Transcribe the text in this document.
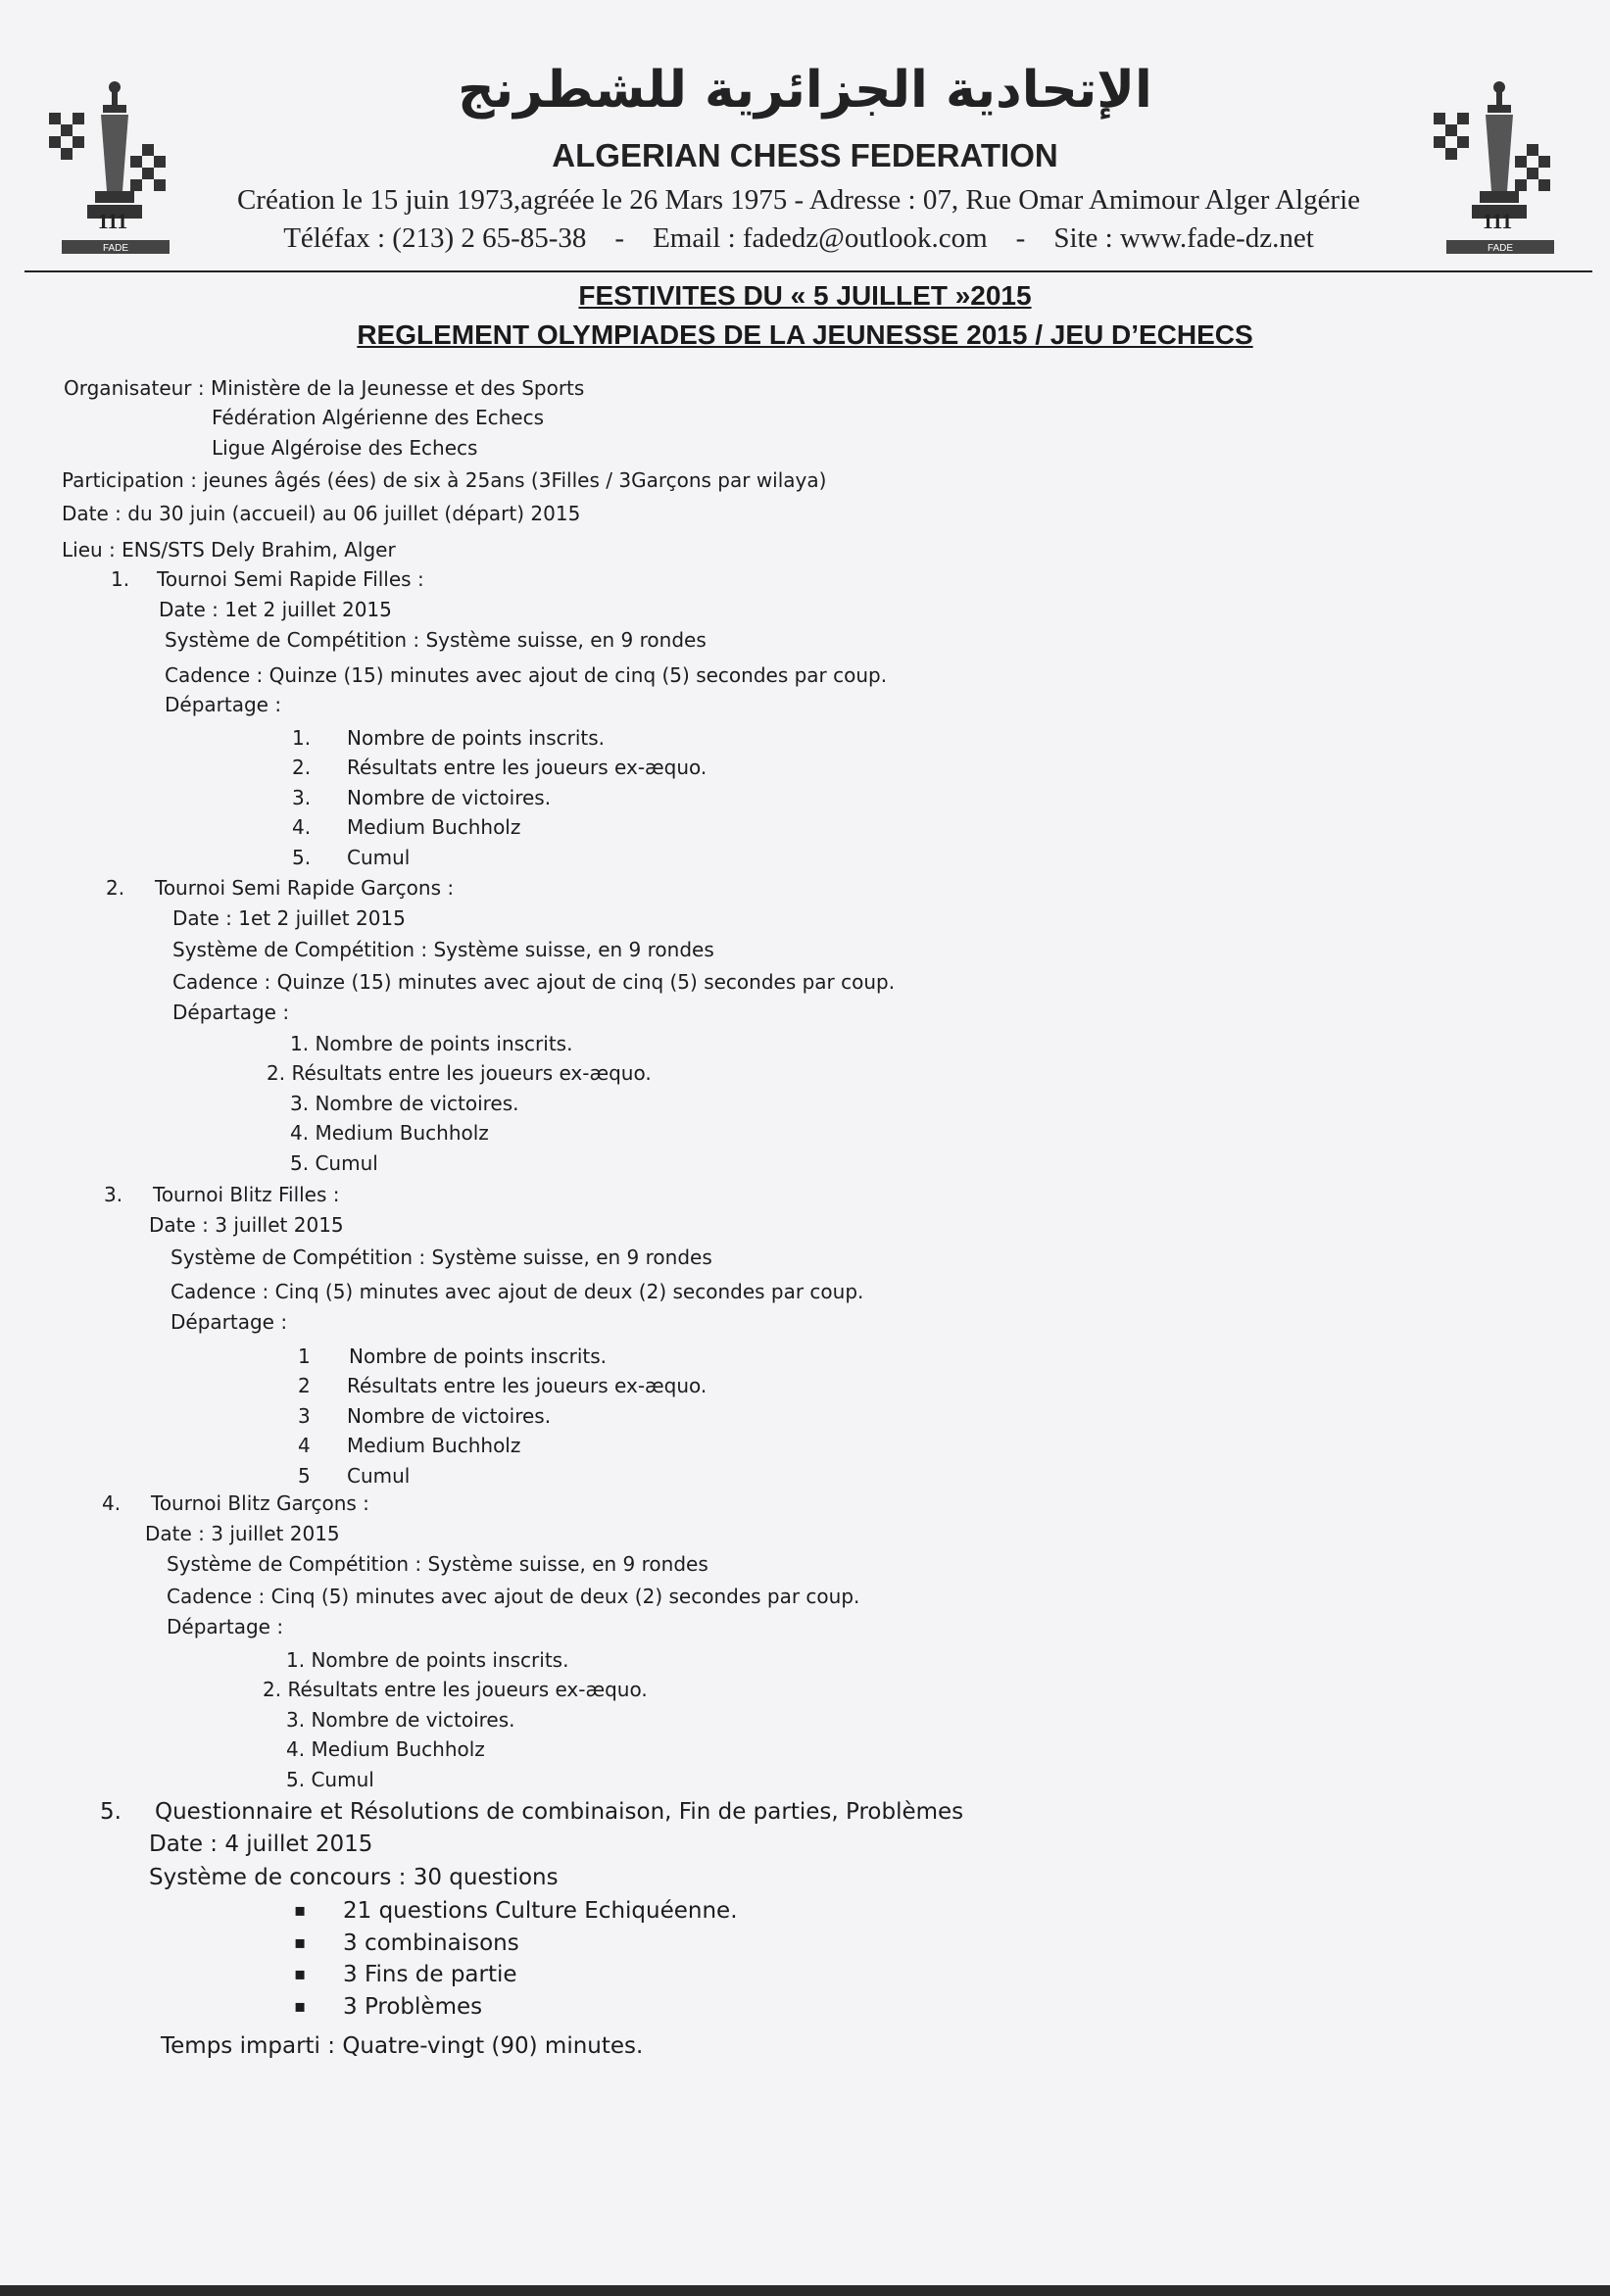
111
FADE
111
FADE
الإتحادية الجزائرية للشطرنج
ALGERIAN CHESS FEDERATION
Création le 15 juin 1973,agréée le 26 Mars 1975 - Adresse : 07, Rue Omar Amimour Alger Algérie
Téléfax : (213) 2 65-85-38    -    Email : fadedz@outlook.com    -    Site : www.fade-dz.net
FESTIVITES DU « 5 JUILLET »2015
REGLEMENT OLYMPIADES DE LA JEUNESSE 2015 / JEU D’ECHECS
Organisateur : Ministère de la Jeunesse et des Sports
Fédération Algérienne des Echecs
Ligue Algéroise des Echecs
Participation : jeunes âgés (ées) de six à 25ans (3Filles / 3Garçons par wilaya)
Date : du 30 juin (accueil) au 06 juillet (départ) 2015
Lieu : ENS/STS Dely Brahim, Alger
1. Tournoi Semi Rapide Filles :
Date : 1et 2 juillet 2015
Système de Compétition : Système suisse, en 9 rondes
Cadence : Quinze (15) minutes avec ajout de cinq (5) secondes par coup.
Départage :
1. Nombre de points inscrits.
2. Résultats entre les joueurs ex-æquo.
3. Nombre de victoires.
4. Medium Buchholz
5. Cumul
2. Tournoi Semi Rapide Garçons :
Date : 1et 2 juillet 2015
Système de Compétition : Système suisse, en 9 rondes
Cadence : Quinze (15) minutes avec ajout de cinq (5) secondes par coup.
Départage :
1. Nombre de points inscrits.
2. Résultats entre les joueurs ex-æquo.
3. Nombre de victoires.
4. Medium Buchholz
5. Cumul
3. Tournoi Blitz Filles :
Date : 3 juillet 2015
Système de Compétition : Système suisse, en 9 rondes
Cadence : Cinq (5) minutes avec ajout de deux (2) secondes par coup.
Départage :
1 Nombre de points inscrits.
2 Résultats entre les joueurs ex-æquo.
3 Nombre de victoires.
4 Medium Buchholz
5 Cumul
4. Tournoi Blitz Garçons :
Date : 3 juillet 2015
Système de Compétition : Système suisse, en 9 rondes
Cadence : Cinq (5) minutes avec ajout de deux (2) secondes par coup.
Départage :
1. Nombre de points inscrits.
2. Résultats entre les joueurs ex-æquo.
3. Nombre de victoires.
4. Medium Buchholz
5. Cumul
5. Questionnaire et Résolutions de combinaison, Fin de parties, Problèmes
Date : 4 juillet 2015
Système de concours : 30 questions
▪ 21 questions Culture Echiquéenne.
▪ 3 combinaisons
▪ 3 Fins de partie
▪ 3 Problèmes
Temps imparti : Quatre-vingt (90) minutes.
